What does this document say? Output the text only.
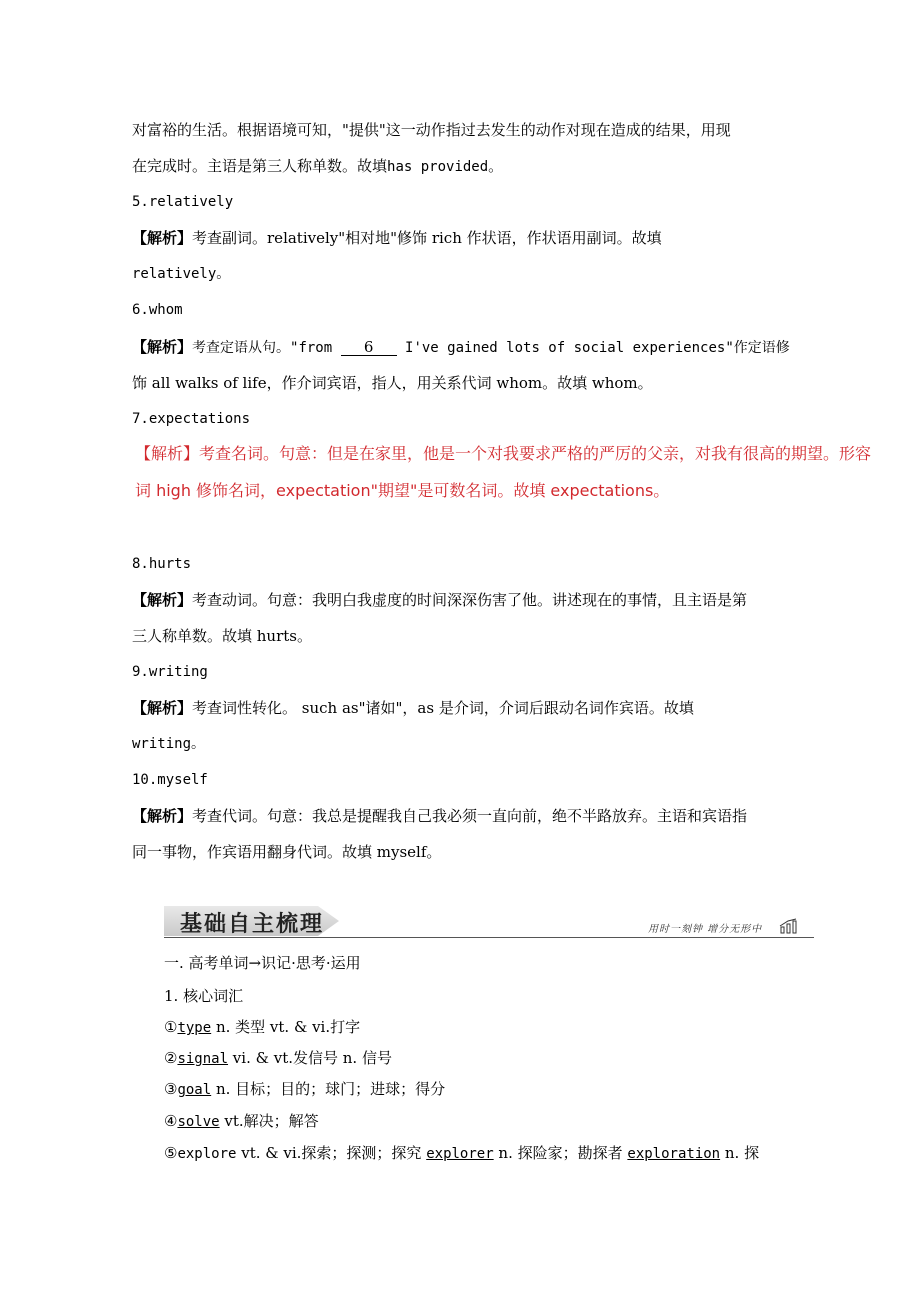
对富裕的生活。根据语境可知，"提供"这一动作指过去发生的动作对现在造成的结果，用现
在完成时。主语是第三人称单数。故填has provided。
5.relatively
【解析】考查副词。relatively"相对地"修饰 rich 作状语，作状语用副词。故填
relatively。
6.whom
【解析】考查定语从句。"from 6 I've gained lots of social experiences"作定语修
饰 all walks of life，作介词宾语，指人，用关系代词 whom。故填 whom。
7.expectations
【解析】考查名词。句意：但是在家里，他是一个对我要求严格的严厉的父亲，对我有很高的期望。形容
词 high 修饰名词，expectation"期望"是可数名词。故填 expectations。
8.hurts
【解析】考查动词。句意：我明白我虚度的时间深深伤害了他。讲述现在的事情，且主语是第
三人称单数。故填 hurts。
9.writing
【解析】考查词性转化。 such as"诸如"，as 是介词，介词后跟动名词作宾语。故填
writing。
10.myself
【解析】考查代词。句意：我总是提醒我自己我必须一直向前，绝不半路放弃。主语和宾语指
同一事物，作宾语用翻身代词。故填 myself。
基础自主梳理	用时一刻钟 增分无形中
一. 高考单词→识记·思考·运用
1. 核心词汇
①type n. 类型 vt. & vi.打字
②signal vi. & vt.发信号 n. 信号
③goal n. 目标；目的；球门；进球；得分
④solve vt.解决；解答
⑤explore vt. & vi.探索；探测；探究 explorer n. 探险家；勘探者 exploration n. 探
